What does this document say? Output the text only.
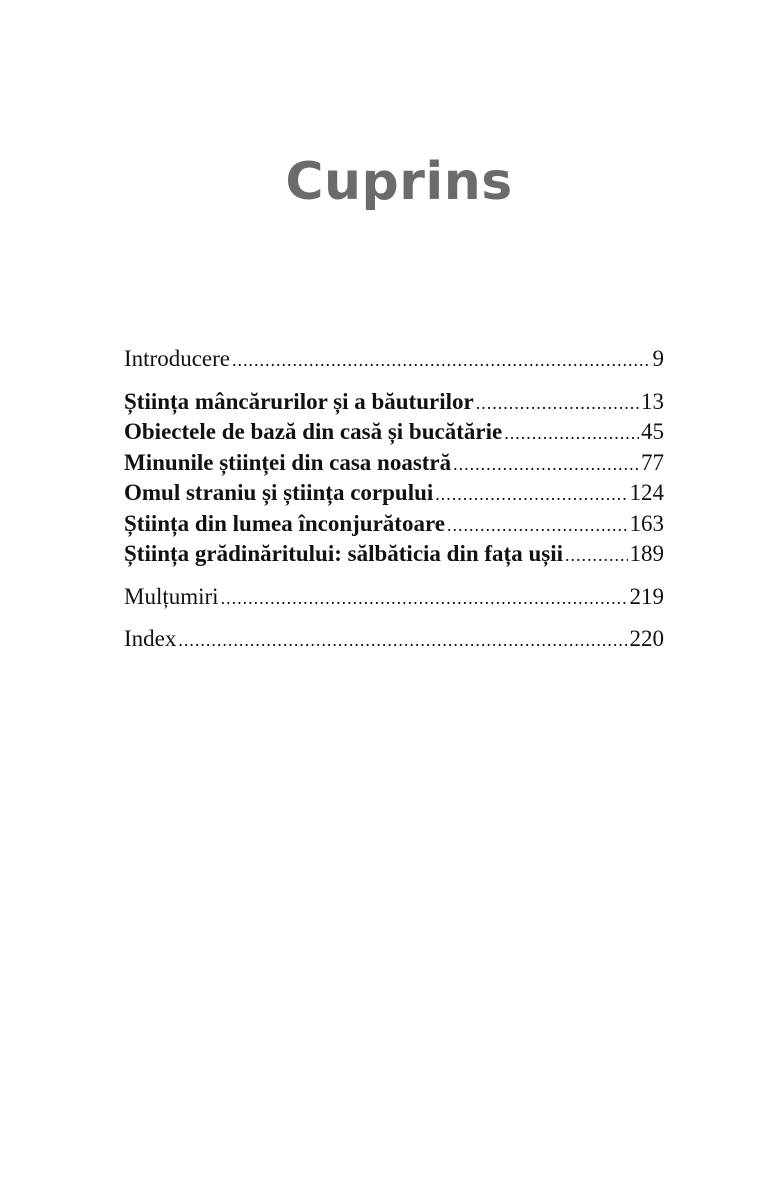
Cuprins
Introducere .....	9
Știința mâncărurilor și a băuturilor .....	13
Obiectele de bază din casă și bucătărie .....	45
Minunile științei din casa noastră .....	77
Omul straniu și știința corpului .....	124
Știința din lumea înconjurătoare .....	163
Știința grădinăritului: sălbăticia din fața ușii .....	189
Mulțumiri .....	219
Index .....	220
